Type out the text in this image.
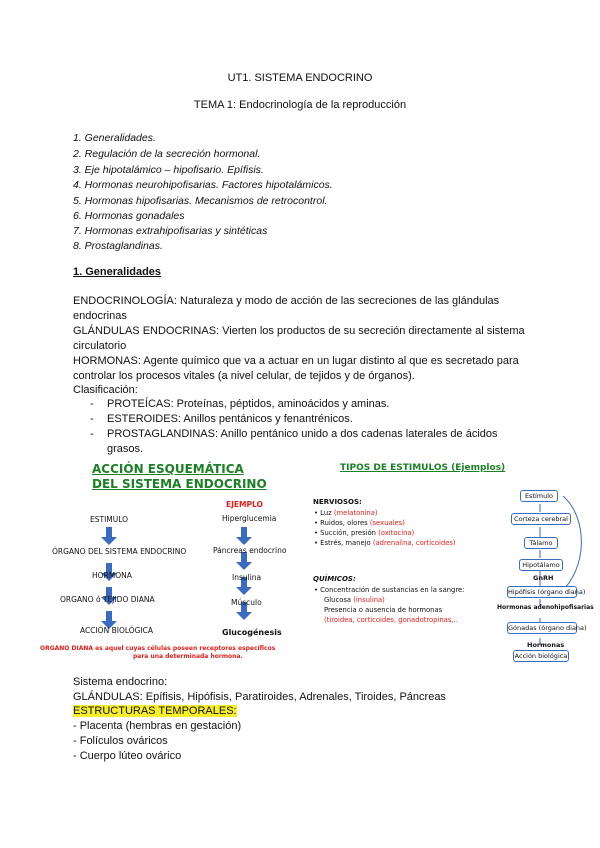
UT1. SISTEMA ENDOCRINO
TEMA 1: Endocrinología de la reproducción
1. Generalidades.
2. Regulación de la secreción hormonal.
3. Eje hipotalámico – hipofisario. Epífisis.
4. Hormonas neurohipofisarias. Factores hipotalámicos.
5. Hormonas hipofisarias. Mecanismos de retrocontrol.
6. Hormonas gonadales
7. Hormonas extrahipofisarias y sintéticas
8. Prostaglandinas.
1. Generalidades
ENDOCRINOLOGÍA: Naturaleza y modo de acción de las secreciones de las glándulas endocrinas
GLÁNDULAS ENDOCRINAS: Vierten los productos de su secreción directamente al sistema circulatorio
HORMONAS: Agente químico que va a actuar en un lugar distinto al que es secretado para controlar los procesos vitales (a nivel celular, de tejidos y de órganos).
Clasificación:
- PROTEÍCAS: Proteínas, péptidos, aminoácidos y aminas.
- ESTEROIDES: Anillos pentánicos y fenantrénicos.
- PROSTAGLANDINAS: Anillo pentánico unido a dos cadenas laterales de ácidos grasos.
ACCIÓN ESQUEMÁTICA
DEL SISTEMA ENDOCRINO
ESTIMULO
ÓRGANO DEL SISTEMA ENDOCRINO
HORMONA
ORGANO ó TEJIDO DIANA
ACCIÓN BIOLÓGICA
EJEMPLO
Hiperglucemia
Páncreas endocrino
Insulina
Músculo
Glucogénesis
ORGANO DIANA es aquel cuyas células poseen receptores específicos
para una determinada hormona.
TIPOS DE ESTIMULOS (Ejemplos)
NERVIOSOS:
• Luz (melatonina)
• Ruidos, olores (sexuales)
• Succión, presión (oxitocina)
• Estrés, manejo (adrenalina, corticoides)
QUÍMICOS:
• Concentración de sustancias en la sangre:
Glucosa (insulina)
Presencia o ausencia de hormonas
(tiroidea, corticoides, gonadotropinas,..
Estímulo
Corteza cerebral
Tálamo
Hipotálamo
GnRH
Hipófisis (órgano diana)
Hormonas adenohipofisarias
Gónadas (órgano diana)
Hormonas
Acción biológica
Sistema endocrino:
GLÁNDULAS: Epífisis, Hipófisis, Paratiroides, Adrenales, Tiroides, Páncreas
ESTRUCTURAS TEMPORALES:
- Placenta (hembras en gestación)
- Folículos ováricos
- Cuerpo lúteo ovárico
